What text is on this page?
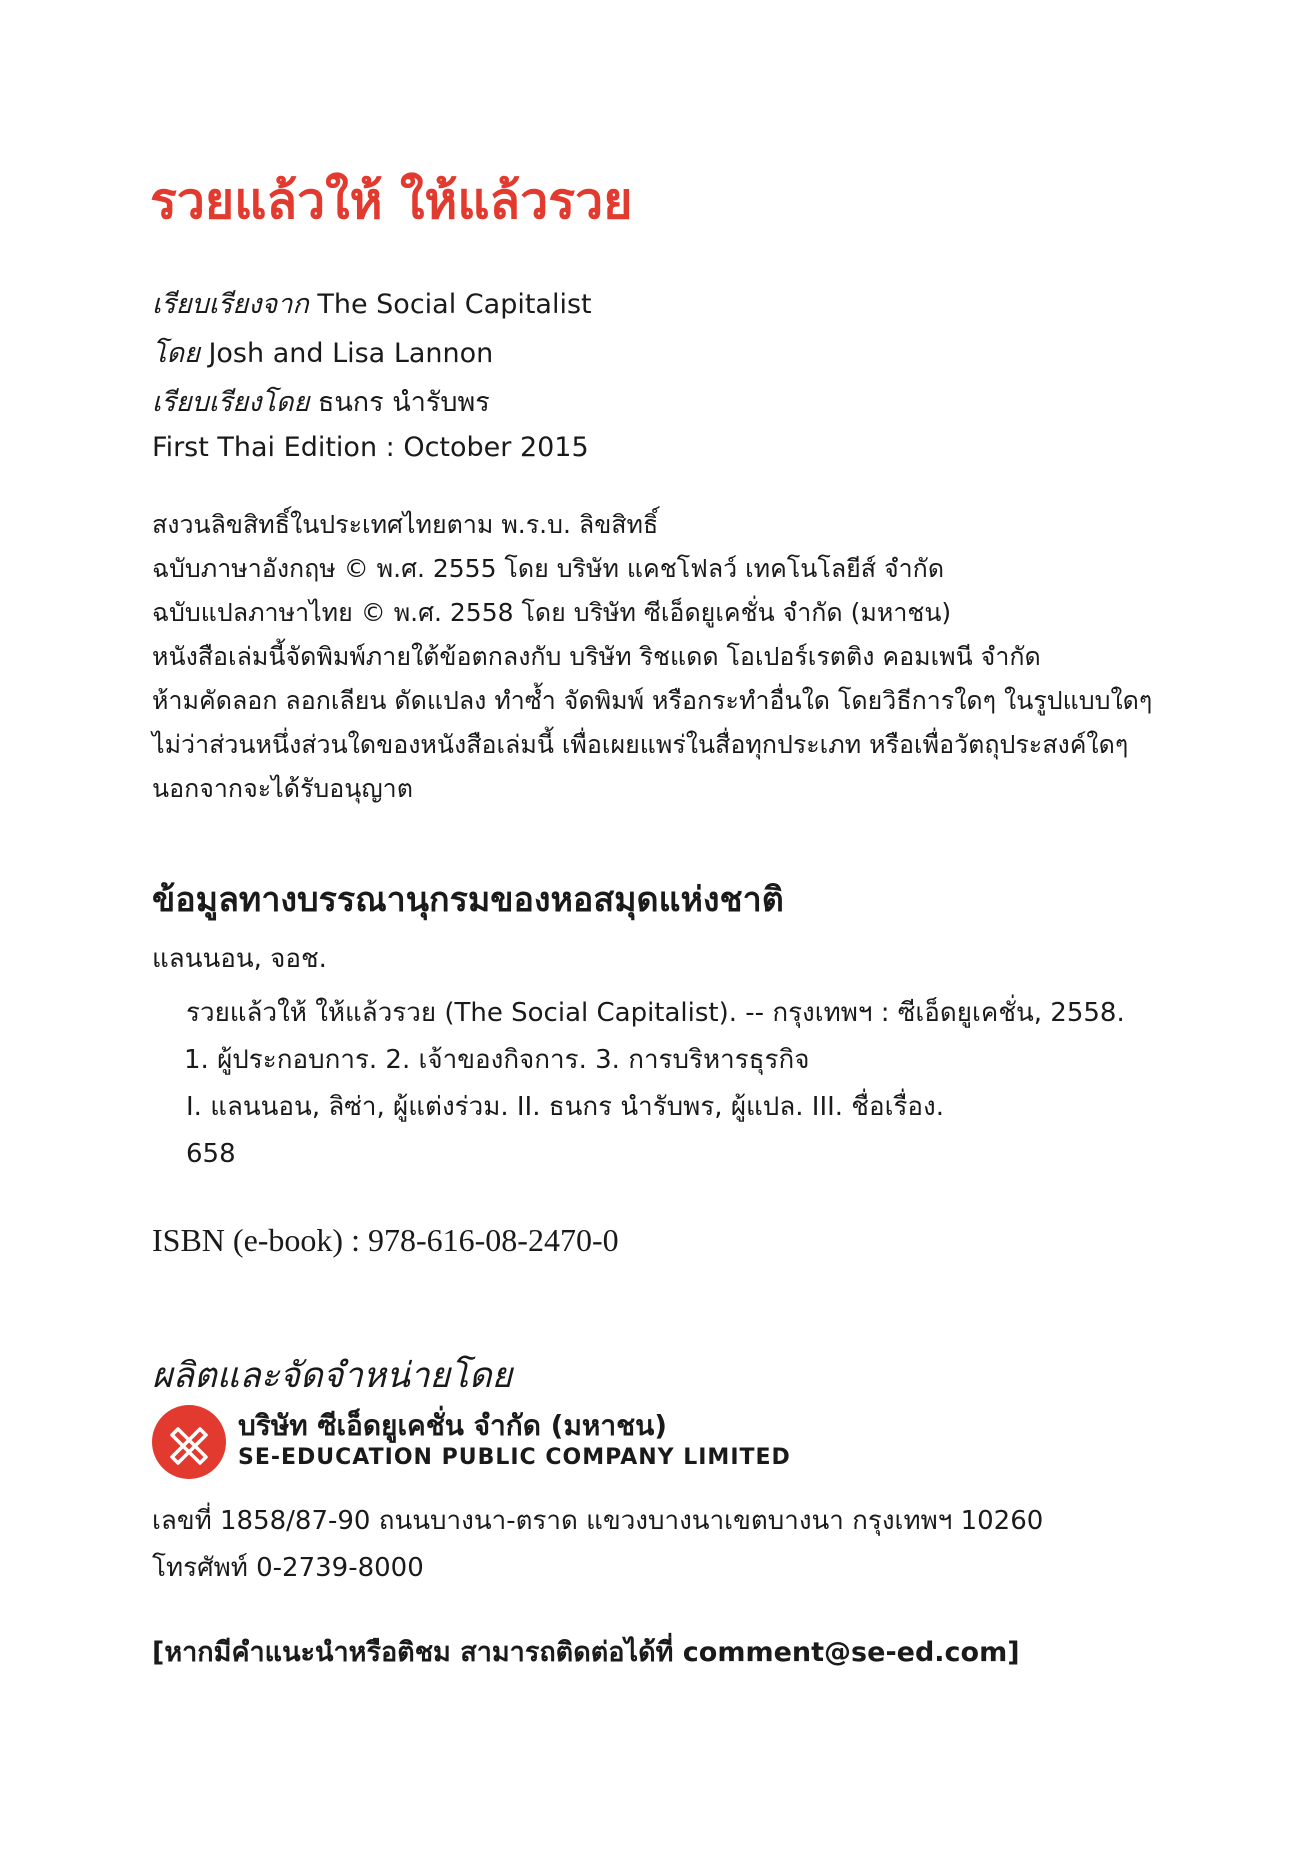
รวยแล้วให้ ให้แล้วรวย
เรียบเรียงจาก The Social Capitalist
โดย Josh and Lisa Lannon
เรียบเรียงโดย ธนกร นำรับพร
First Thai Edition : October 2015
สงวนลิขสิทธิ์ในประเทศไทยตาม พ.ร.บ. ลิขสิทธิ์
ฉบับภาษาอังกฤษ © พ.ศ. 2555 โดย บริษัท แคชโฟลว์ เทคโนโลยีส์ จำกัด
ฉบับแปลภาษาไทย © พ.ศ. 2558 โดย บริษัท ซีเอ็ดยูเคชั่น จำกัด (มหาชน)
หนังสือเล่มนี้จัดพิมพ์ภายใต้ข้อตกลงกับ บริษัท ริชแดด โอเปอร์เรตติง คอมเพนี จำกัด
ห้ามคัดลอก ลอกเลียน ดัดแปลง ทำซ้ำ จัดพิมพ์ หรือกระทำอื่นใด โดยวิธีการใดๆ ในรูปแบบใดๆ
ไม่ว่าส่วนหนึ่งส่วนใดของหนังสือเล่มนี้ เพื่อเผยแพร่ในสื่อทุกประเภท หรือเพื่อวัตถุประสงค์ใดๆ
นอกจากจะได้รับอนุญาต
ข้อมูลทางบรรณานุกรมของหอสมุดแห่งชาติ
แลนนอน, จอช.
รวยแล้วให้ ให้แล้วรวย (The Social Capitalist). -- กรุงเทพฯ : ซีเอ็ดยูเคชั่น, 2558.
1. ผู้ประกอบการ. 2. เจ้าของกิจการ. 3. การบริหารธุรกิจ
I. แลนนอน, ลิซ่า, ผู้แต่งร่วม. II. ธนกร นำรับพร, ผู้แปล. III. ชื่อเรื่อง.
658
ISBN (e-book) : 978-616-08-2470-0
ผลิตและจัดจำหน่ายโดย
บริษัท ซีเอ็ดยูเคชั่น จำกัด (มหาชน)
SE-EDUCATION PUBLIC COMPANY LIMITED
เลขที่ 1858/87-90 ถนนบางนา-ตราด แขวงบางนาเขตบางนา กรุงเทพฯ 10260
โทรศัพท์ 0-2739-8000
[หากมีคำแนะนำหรือติชม สามารถติดต่อได้ที่ comment@se-ed.com]
